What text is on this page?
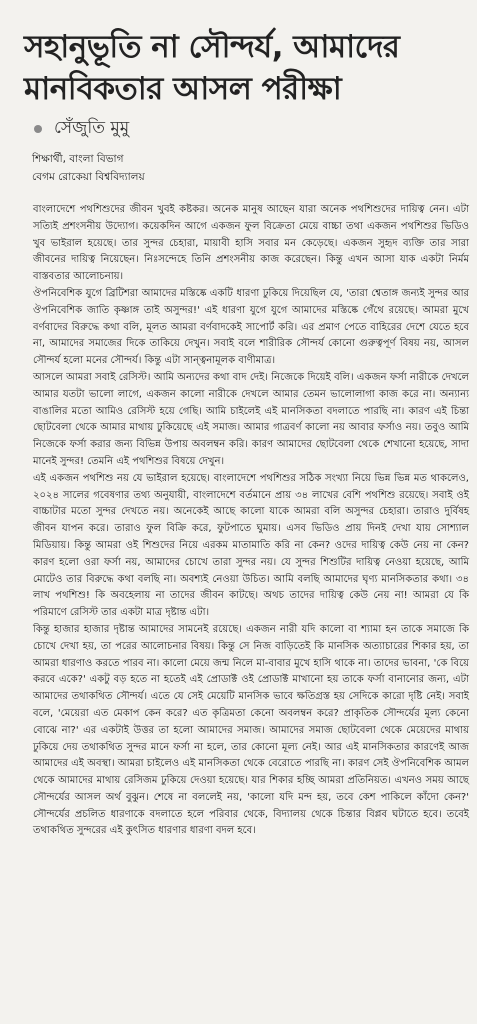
সহানুভূতি না সৌন্দর্য, আমাদের
মানবিকতার আসল পরীক্ষা
সেঁজুতি মুমু
শিক্ষার্থী, বাংলা বিভাগ
বেগম রোকেয়া বিশ্ববিদ্যালয়

বাংলাদেশে পথশিশুদের জীবন খুবই কষ্টকর। অনেক মানুষ আছেন যারা অনেক পথশিশুদের দায়িত্ব নেন। এটা সত্যিই প্রশংসনীয় উদ্যোগ। কয়েকদিন আগে একজন ফুল বিক্রেতা মেয়ে বাচ্চা তথা একজন পথশিশুর ভিডিও খুব ভাইরাল হয়েছে। তার সুন্দর চেহারা, মায়াবী হাসি সবার মন কেড়েছে। একজন সুহৃদ ব্যক্তি তার সারা জীবনের দায়িত্ব নিয়েছেন। নিঃসন্দেহে তিনি প্রশংসনীয় কাজ করেছেন। কিন্তু এখন আসা যাক একটা নির্মম বাস্তবতার আলোচনায়।

ঔপনিবেশিক যুগে ব্রিটিশরা আমাদের মস্তিষ্কে একটি ধারণা ঢুকিয়ে দিয়েছিল যে, 'তারা শ্বেতাঙ্গ জন্যই সুন্দর আর ঔপনিবেশিক জাতি কৃষ্ণাঙ্গ তাই অসুন্দর!' এই ধারণা যুগে যুগে আমাদের মস্তিষ্কে গেঁথে রয়েছে। আমরা মুখে বর্ণবাদের বিরুদ্ধে কথা বলি, মূলত আমরা বর্ণবাদকেই সাপোর্ট করি। এর প্রমাণ পেতে বাহিরের দেশে যেতে হবে না, আমাদের সমাজের দিকে তাকিয়ে দেখুন। সবাই বলে শারীরিক সৌন্দর্য কোনো গুরুত্বপূর্ণ বিষয় নয়, আসল সৌন্দর্য হলো মনের সৌন্দর্য। কিন্তু এটা সান্ত্বনামূলক বাণীমাত্র।

আসলে আমরা সবাই রেসিস্ট। আমি অন্যদের কথা বাদ দেই। নিজেকে দিয়েই বলি। একজন ফর্সা নারীকে দেখলে আমার যতটা ভালো লাগে, একজন কালো নারীকে দেখলে আমার তেমন ভালোলাগা কাজ করে না। অন্যান্য বাঙালির মতো আমিও রেসিস্ট হয়ে গেছি। আমি চাইলেই এই মানসিকতা বদলাতে পারছি না। কারণ এই চিন্তা ছোটবেলা থেকে আমার মাথায় ঢুকিয়েছে এই সমাজ। আমার গাত্রবর্ণ কালো নয় আবার ফর্সাও নয়। তবুও আমি নিজেকে ফর্সা করার জন্য বিভিন্ন উপায় অবলম্বন করি। কারণ আমাদের ছোটবেলা থেকে শেখানো হয়েছে, সাদা মানেই সুন্দর! তেমনি এই পথশিশুর বিষয়ে দেখুন।

এই একজন পথশিশু নয় যে ভাইরাল হয়েছে। বাংলাদেশে পথশিশুর সঠিক সংখ্যা নিয়ে ভিন্ন ভিন্ন মত থাকলেও, ২০২৪ সালের গবেষণার তথ্য অনুযায়ী, বাংলাদেশে বর্তমানে প্রায় ৩৪ লাখের বেশি পথশিশু রয়েছে। সবাই ওই বাচ্চাটার মতো সুন্দর দেখতে নয়। অনেকেই আছে কালো যাকে আমরা বলি অসুন্দর চেহারা। তারাও দুর্বিষহ জীবন যাপন করে। তারাও ফুল বিক্রি করে, ফুটপাতে ঘুমায়। এসব ভিডিও প্রায় দিনই দেখা যায় সোশ্যাল মিডিয়ায়। কিন্তু আমরা ওই শিশুদের নিয়ে এরকম মাতামাতি করি না কেন? ওদের দায়িত্ব কেউ নেয় না কেন? কারণ হলো ওরা ফর্সা নয়, আমাদের চোখে তারা সুন্দর নয়। যে সুন্দর শিশুটির দায়িত্ব নেওয়া হয়েছে, আমি মোটেও তার বিরুদ্ধে কথা বলছি না। অবশ্যই নেওয়া উচিত। আমি বলছি আমাদের ঘৃণ্য মানসিকতার কথা। ৩৪ লাখ পথশিশু! কি অবহেলায় না তাদের জীবন কাটছে। অথচ তাদের দায়িত্ব কেউ নেয় না! আমরা যে কি পরিমাণে রেসিস্ট তার একটা মাত্র দৃষ্টান্ত এটা।

কিন্তু হাজার হাজার দৃষ্টান্ত আমাদের সামনেই রয়েছে। একজন নারী যদি কালো বা শ্যামা হন তাকে সমাজে কি চোখে দেখা হয়, তা পরের আলোচনার বিষয়। কিন্তু সে নিজ বাড়িতেই কি মানসিক অত্যাচারের শিকার হয়, তা আমরা ধারণাও করতে পারব না। কালো মেয়ে জন্ম নিলে মা-বাবার মুখে হাসি থাকে না। তাদের ভাবনা, 'কে বিয়ে করবে একে?' একটু বড় হতে না হতেই এই প্রোডাক্ট ওই প্রোডাক্ট মাখানো হয় তাকে ফর্সা বানানোর জন্য, এটা আমাদের তথাকথিত সৌন্দর্য। এতে যে সেই মেয়েটি মানসিক ভাবে ক্ষতিগ্রস্ত হয় সেদিকে কারো দৃষ্টি নেই। সবাই বলে, 'মেয়েরা এত মেকাপ কেন করে? এত কৃত্রিমতা কেনো অবলম্বন করে? প্রাকৃতিক সৌন্দর্যের মূল্য কেনো বোঝে না?' এর একটাই উত্তর তা হলো আমাদের সমাজ। আমাদের সমাজ ছোটবেলা থেকে মেয়েদের মাথায় ঢুকিয়ে দেয় তথাকথিত সুন্দর মানে ফর্সা না হলে, তার কোনো মূল্য নেই। আর এই মানসিকতার কারণেই আজ আমাদের এই অবস্থা। আমরা চাইলেও এই মানসিকতা থেকে বেরোতে পারছি না। কারণ সেই ঔপনিবেশিক আমল থেকে আমাদের মাথায় রেসিজম ঢুকিয়ে দেওয়া হয়েছে। যার শিকার হচ্ছি আমরা প্রতিনিয়ত। এখনও সময় আছে সৌন্দর্যের আসল অর্থ বুঝুন। শেষে না বললেই নয়, 'কালো যদি মন্দ হয়, তবে কেশ পাকিলে কাঁদো কেন?' সৌন্দর্যের প্রচলিত ধারণাকে বদলাতে হলে পরিবার থেকে, বিদ্যালয় থেকে চিন্তার বিপ্লব ঘটাতে হবে। তবেই তথাকথিত সুন্দরের এই কুৎসিত ধারণার ধারণা বদল হবে।
